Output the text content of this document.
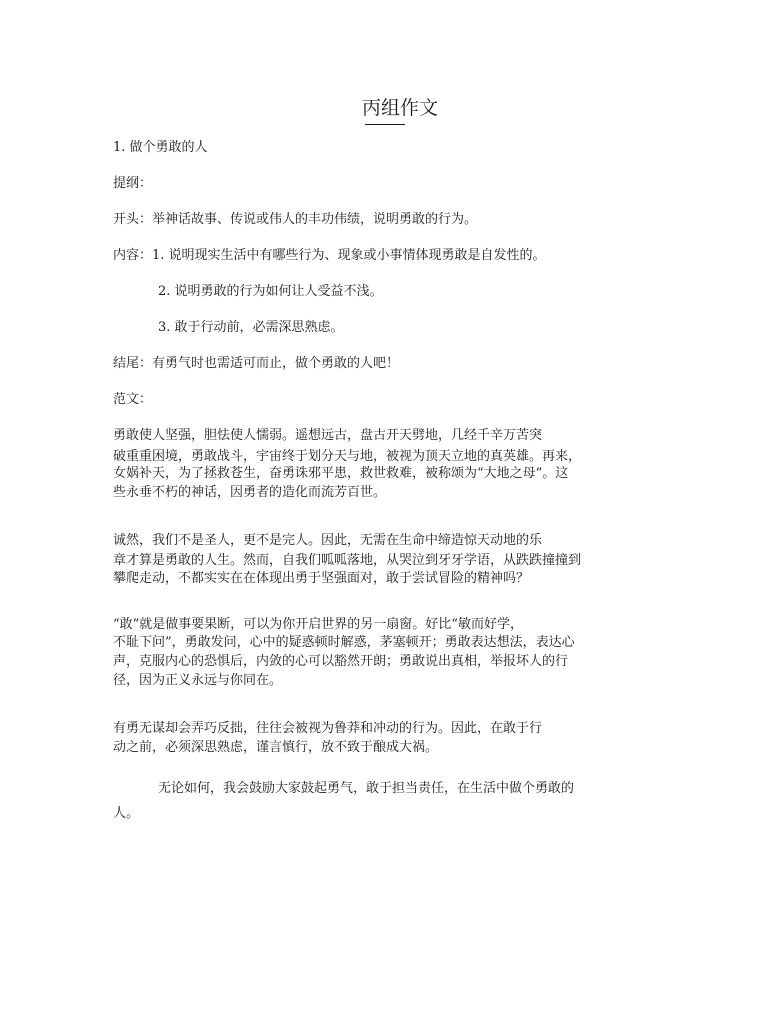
丙组作文

1. 做个勇敢的人

提纲：

开头：举神话故事、传说或伟人的丰功伟绩，说明勇敢的行为。

内容：1. 说明现实生活中有哪些行为、现象或小事情体现勇敢是自发性的。

2. 说明勇敢的行为如何让人受益不浅。

3. 敢于行动前，必需深思熟虑。

结尾：有勇气时也需适可而止，做个勇敢的人吧！

范文：

勇敢使人坚强，胆怯使人懦弱。遥想远古，盘古开天劈地，几经千辛万苦突

破重重困境，勇敢战斗，宇宙终于划分天与地，被视为顶天立地的真英雄。再来，

女娲补天，为了拯救苍生，奋勇诛邪平患，救世救难，被称颂为“大地之母”。这

些永垂不朽的神话，因勇者的造化而流芳百世。

诚然，我们不是圣人，更不是完人。因此，无需在生命中缔造惊天动地的乐

章才算是勇敢的人生。然而，自我们呱呱落地，从哭泣到牙牙学语，从跌跌撞撞到

攀爬走动，不都实实在在体现出勇于坚强面对，敢于尝试冒险的精神吗？

“敢”就是做事要果断，可以为你开启世界的另一扇窗。好比“敏而好学，

不耻下问”，勇敢发问，心中的疑惑顿时解惑，茅塞顿开；勇敢表达想法，表达心

声，克服内心的恐惧后，内敛的心可以豁然开朗；勇敢说出真相，举报坏人的行

径，因为正义永远与你同在。

有勇无谋却会弄巧反拙，往往会被视为鲁莽和冲动的行为。因此，在敢于行

动之前，必须深思熟虑，谨言慎行，放不致于酿成大祸。

无论如何，我会鼓励大家鼓起勇气，敢于担当责任，在生活中做个勇敢的

人。
